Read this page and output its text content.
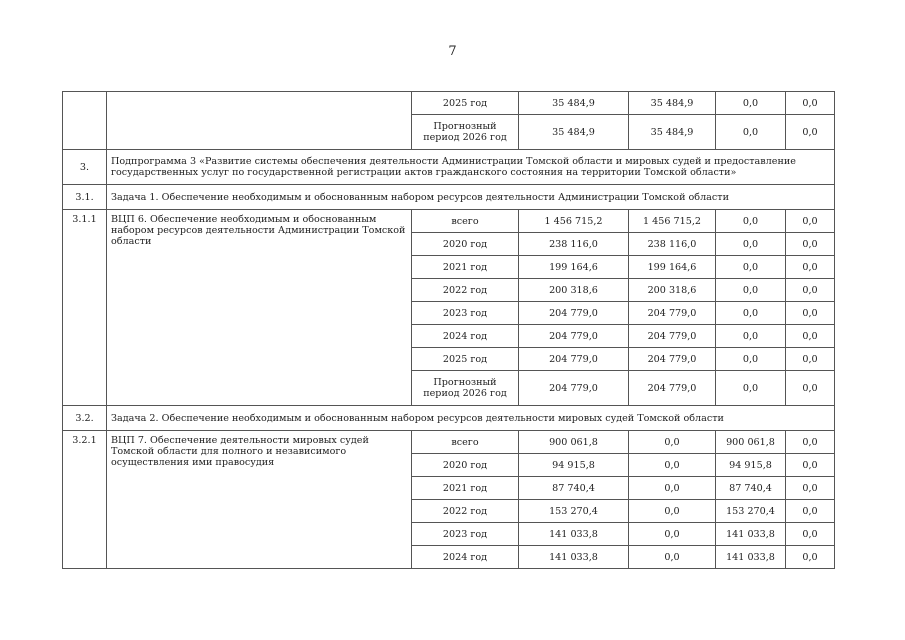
7
		2025 год	35 484,9	35 484,9	0,0	0,0
		Прогнозный период 2026 год	35 484,9	35 484,9	0,0	0,0
3.	Подпрограмма 3 «Развитие системы обеспечения деятельности Администрации Томской области и мировых судей и предоставление государственных услуг по государственной регистрации актов гражданского состояния на территории Томской области»					
3.1.	Задача 1. Обеспечение необходимым и обоснованным набором ресурсов деятельности Администрации Томской области					
3.1.1	ВЦП 6. Обеспечение необходимым и обоснованным набором ресурсов деятельности Администрации Томской области	всего	1 456 715,2	1 456 715,2	0,0	0,0
		2020 год	238 116,0	238 116,0	0,0	0,0
		2021 год	199 164,6	199 164,6	0,0	0,0
		2022 год	200 318,6	200 318,6	0,0	0,0
		2023 год	204 779,0	204 779,0	0,0	0,0
		2024 год	204 779,0	204 779,0	0,0	0,0
		2025 год	204 779,0	204 779,0	0,0	0,0
		Прогнозный период 2026 год	204 779,0	204 779,0	0,0	0,0
3.2.	Задача 2. Обеспечение необходимым и обоснованным набором ресурсов деятельности мировых судей Томской области					
3.2.1	ВЦП 7. Обеспечение деятельности мировых судей Томской области для полного и независимого осуществления ими правосудия	всего	900 061,8	0,0	900 061,8	0,0
		2020 год	94 915,8	0,0	94 915,8	0,0
		2021 год	87 740,4	0,0	87 740,4	0,0
		2022 год	153 270,4	0,0	153 270,4	0,0
		2023 год	141 033,8	0,0	141 033,8	0,0
		2024 год	141 033,8	0,0	141 033,8	0,0
